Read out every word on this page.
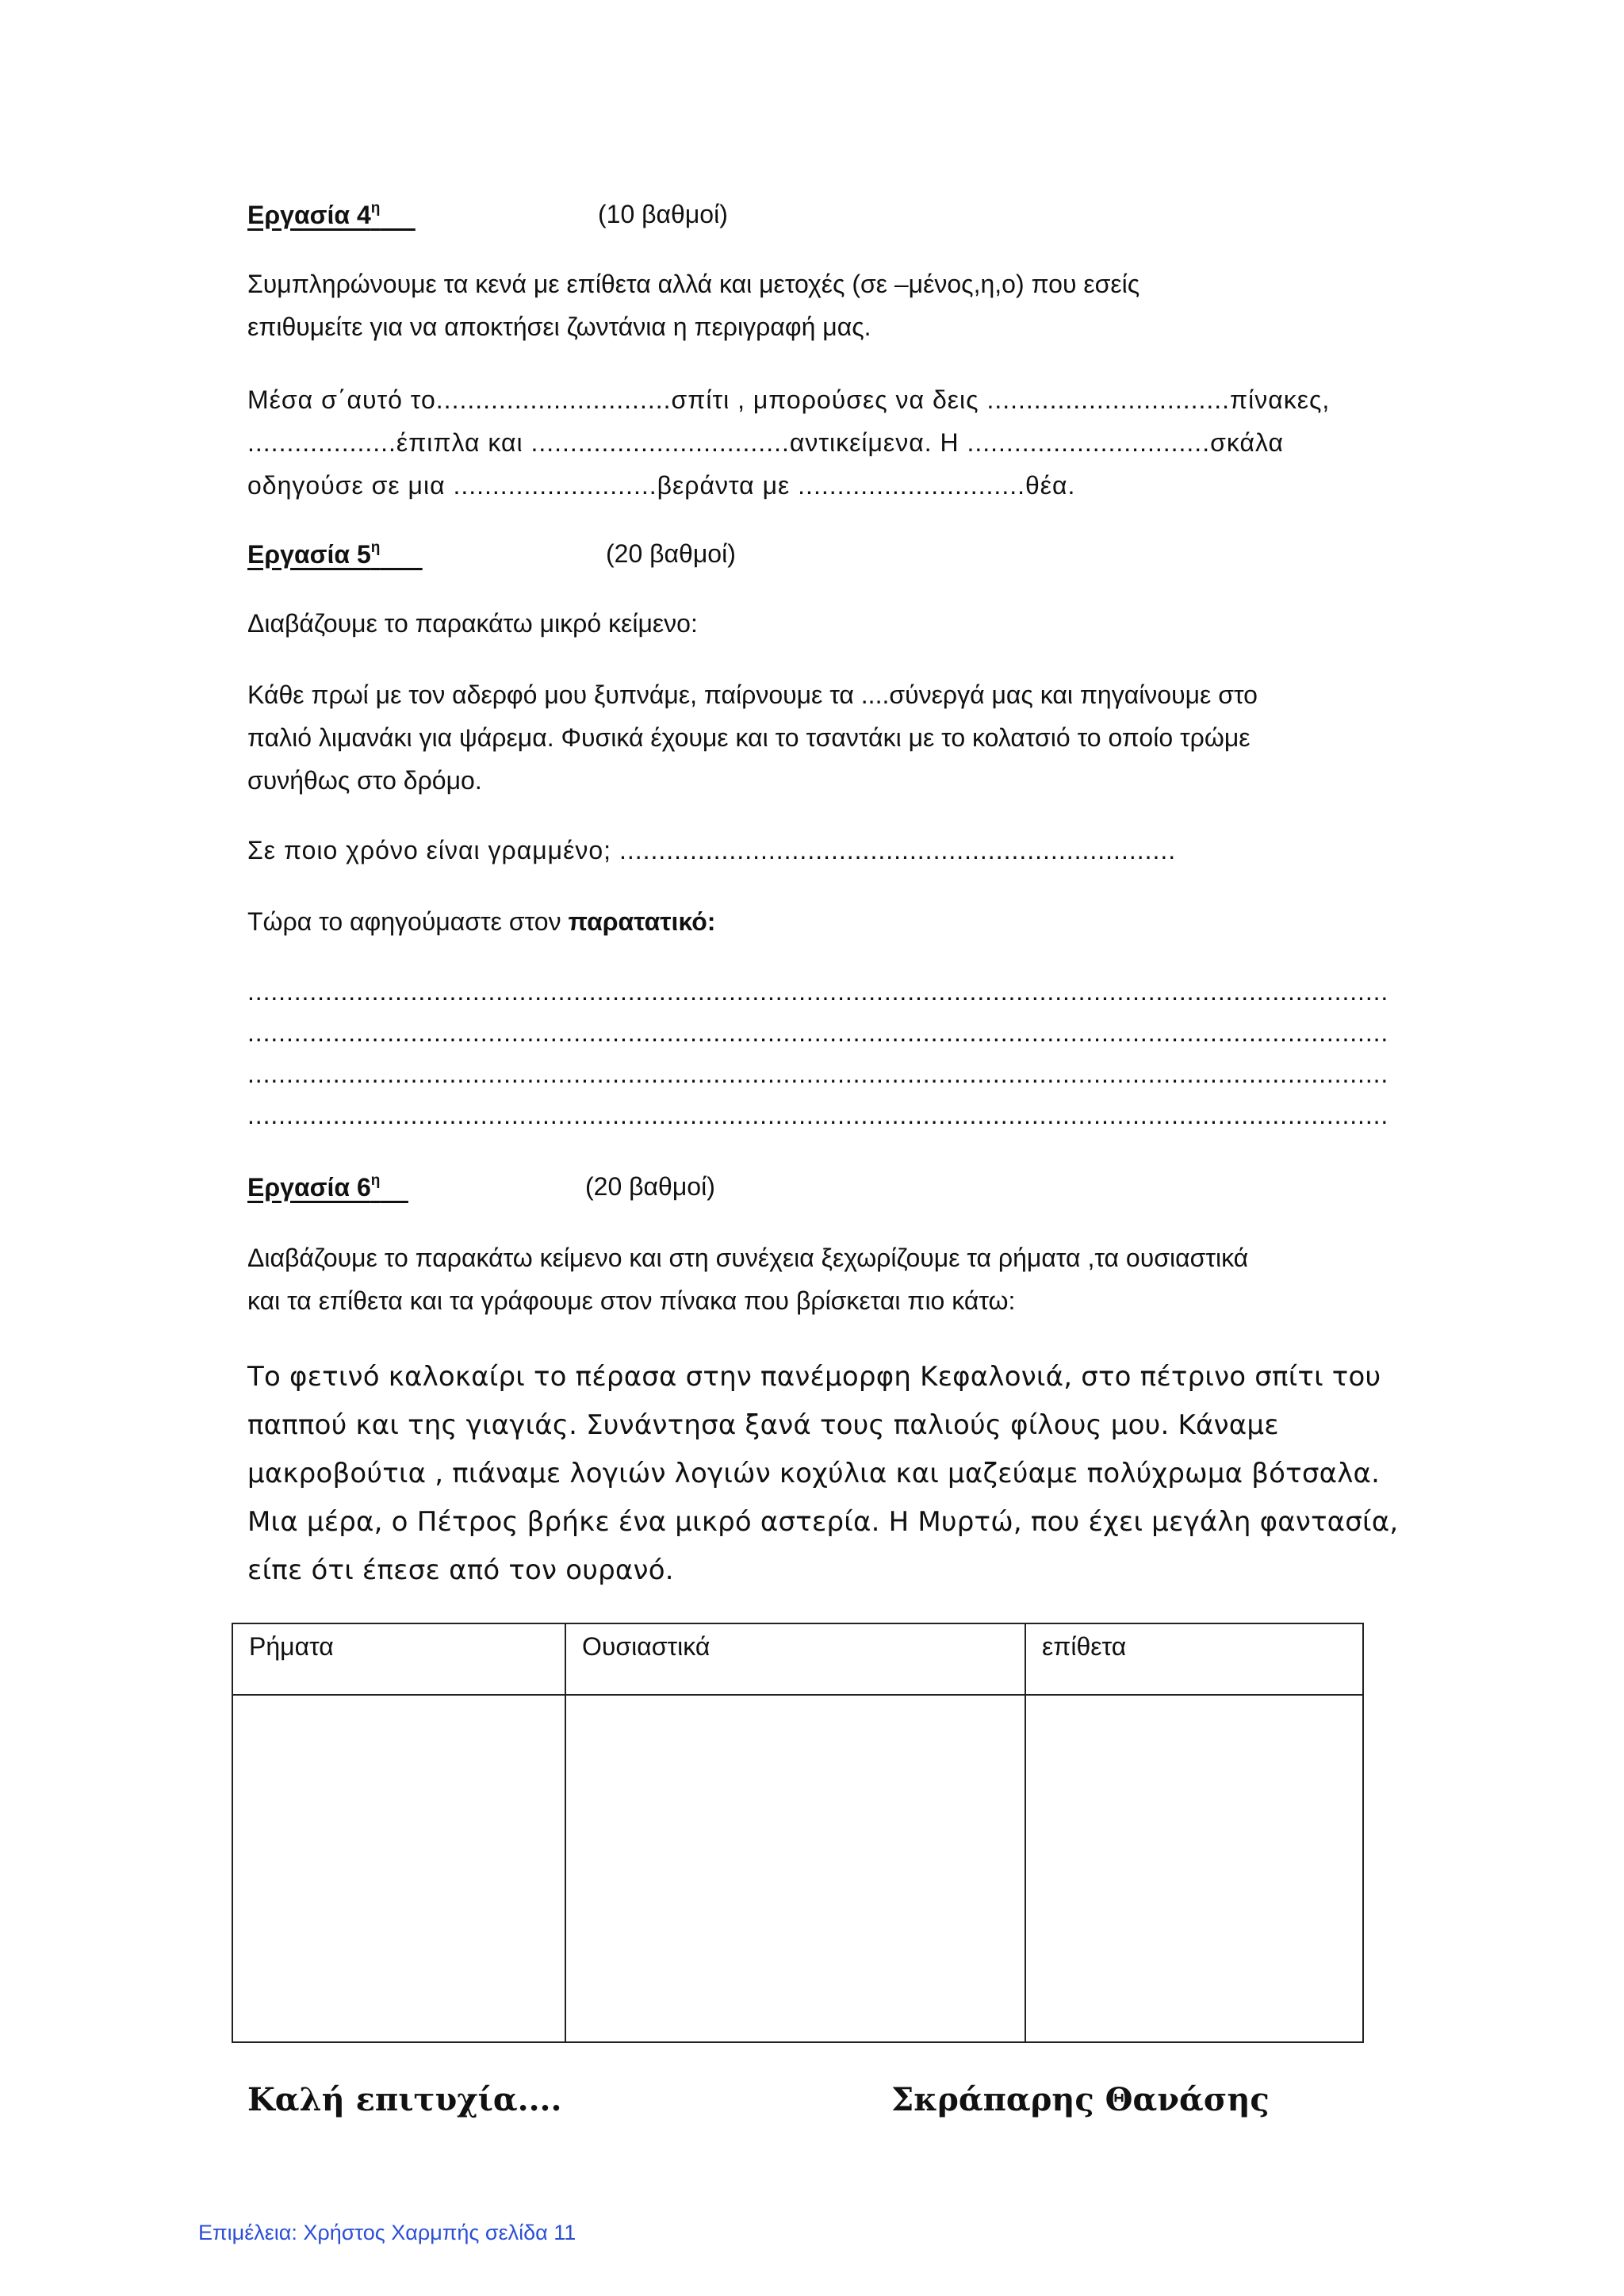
Εργασία $4^\eta$	(10 βαθμοί)
Συμπληρώνουμε τα κενά με επίθετα αλλά και μετοχές (σε –μένος,η,ο) που εσείς
επιθυμείτε για να αποκτήσει ζωντάνια η περιγραφή μας.
Μέσα σ΄αυτό το..............................σπίτι , μπορούσες να δεις ...............................πίνακες,
...................έπιπλα και .................................αντικείμενα. Η ...............................σκάλα
οδηγούσε σε μια ..........................βεράντα με .............................θέα.
Εργασία $5^\eta$	(20 βαθμοί)
Διαβάζουμε το παρακάτω μικρό κείμενο:
Κάθε πρωί με τον αδερφό μου ξυπνάμε, παίρνουμε τα ....σύνεργά μας και πηγαίνουμε στο
παλιό λιμανάκι για ψάρεμα. Φυσικά έχουμε και το τσαντάκι με το κολατσιό το οποίο τρώμε
συνήθως στο δρόμο.
Σε ποιο χρόνο είναι γραμμένο; .......................................................................
Τώρα το αφηγούμαστε στον παρατατικό:
...................................................................................................................................................
...................................................................................................................................................
...................................................................................................................................................
...................................................................................................................................................
Εργασία $6^\eta$	(20 βαθμοί)
Διαβάζουμε το παρακάτω κείμενο και στη συνέχεια ξεχωρίζουμε τα ρήματα ,τα ουσιαστικά
και τα επίθετα και τα γράφουμε στον πίνακα που βρίσκεται πιο κάτω:
Το φετινό καλοκαίρι το πέρασα στην πανέμορφη Κεφαλονιά, στο πέτρινο σπίτι του
παππού και της γιαγιάς. Συνάντησα ξανά τους παλιούς φίλους μου. Κάναμε
μακροβούτια , πιάναμε λογιών λογιών κοχύλια και μαζεύαμε πολύχρωμα βότσαλα.
Μια μέρα, ο Πέτρος βρήκε ένα μικρό αστερία. Η Μυρτώ, που έχει μεγάλη φαντασία,
είπε ότι έπεσε από τον ουρανό.
Ρήματα	Ουσιαστικά	επίθετα

Καλή επιτυχία....	Σκράπαρης Θανάσης
Επιμέλεια: Χρήστος Χαρμπής σελίδα 11
